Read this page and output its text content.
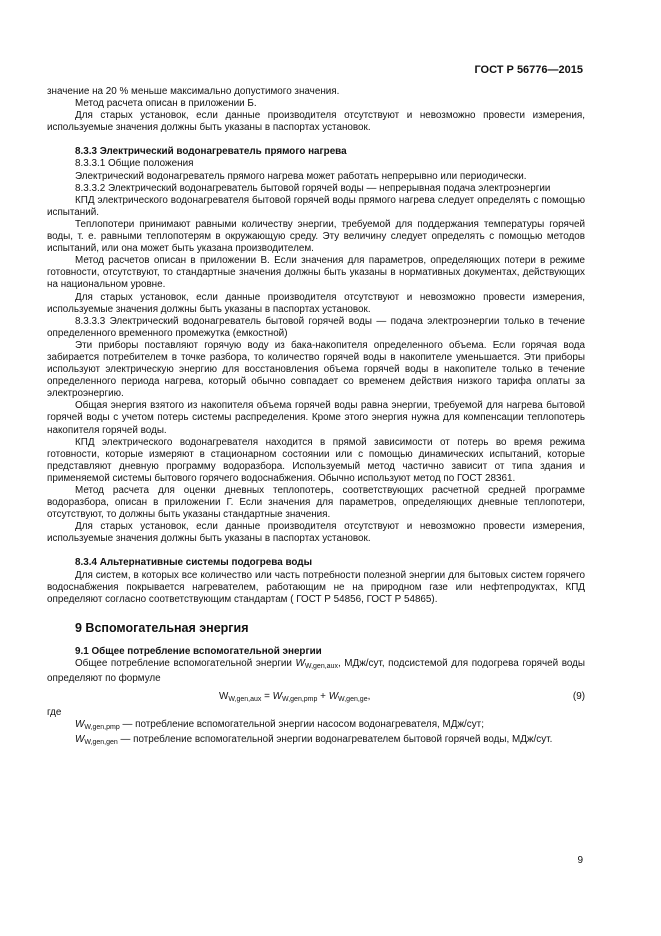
ГОСТ Р 56776—2015

значение на 20 % меньше максимально допустимого значения.

Метод расчета описан в приложении Б.

Для старых установок, если данные производителя отсутствуют и невозможно провести измерения, используемые значения должны быть указаны в паспортах установок.

8.3.3 Электрический водонагреватель прямого нагрева

8.3.3.1 Общие положения

Электрический водонагреватель прямого нагрева может работать непрерывно или периодически.

8.3.3.2 Электрический водонагреватель бытовой горячей воды — непрерывная подача электроэнергии

КПД электрического водонагревателя бытовой горячей воды прямого нагрева следует определять с помощью испытаний.

Теплопотери принимают равными количеству энергии, требуемой для поддержания температуры горячей воды, т. е. равными теплопотерям в окружающую среду. Эту величину следует определять с помощью методов испытаний, или она может быть указана производителем.

Метод расчетов описан в приложении В. Если значения для параметров, определяющих потери в режиме готовности, отсутствуют, то стандартные значения должны быть указаны в нормативных документах, действующих на национальном уровне.

Для старых установок, если данные производителя отсутствуют и невозможно провести измерения, используемые значения должны быть указаны в паспортах установок.

8.3.3.3 Электрический водонагреватель бытовой горячей воды — подача электроэнергии только в течение определенного временного промежутка (емкостной)

Эти приборы поставляют горячую воду из бака-накопителя определенного объема. Если горячая вода забирается потребителем в точке разбора, то количество горячей воды в накопителе уменьшается. Эти приборы используют электрическую энергию для восстановления объема горячей воды в накопителе только в течение определенного периода нагрева, который обычно совпадает со временем действия низкого тарифа оплаты за электроэнергию.

Общая энергия взятого из накопителя объема горячей воды равна энергии, требуемой для нагрева бытовой горячей воды с учетом потерь системы распределения. Кроме этого энергия нужна для компенсации теплопотерь накопителя горячей воды.

КПД электрического водонагревателя находится в прямой зависимости от потерь во время режима готовности, которые измеряют в стационарном состоянии или с помощью динамических испытаний, которые представляют дневную программу водоразбора. Используемый метод частично зависит от типа здания и применяемой системы бытового горячего водоснабжения. Обычно используют метод по ГОСТ 28361.

Метод расчета для оценки дневных теплопотерь, соответствующих расчетной средней программе водоразбора, описан в приложении Г. Если значения для параметров, определяющих дневные теплопотери, отсутствуют, то должны быть указаны стандартные значения.

Для старых установок, если данные производителя отсутствуют и невозможно провести измерения, используемые значения должны быть указаны в паспортах установок.

8.3.4 Альтернативные системы подогрева воды

Для систем, в которых все количество или часть потребности полезной энергии для бытовых систем горячего водоснабжения покрывается нагревателем, работающим не на природном газе или нефтепродуктах, КПД определяют согласно соответствующим стандартам ( ГОСТ Р 54856, ГОСТ Р 54865).

9 Вспомогательная энергия

9.1 Общее потребление вспомогательной энергии

Общее потребление вспомогательной энергии $W_{W,gen,aux}$, МДж/сут, подсистемой для подогрева горячей воды определяют по формуле

$W_{W,gen,aux} = W_{W,gen,pmp} + W_{W,gen,ge}$,	(9)

где

$W_{W,gen,pmp}$ — потребление вспомогательной энергии насосом водонагревателя, МДж/сут;

$W_{W,gen,gen}$ — потребление вспомогательной энергии водонагревателем бытовой горячей воды, МДж/сут.

9
